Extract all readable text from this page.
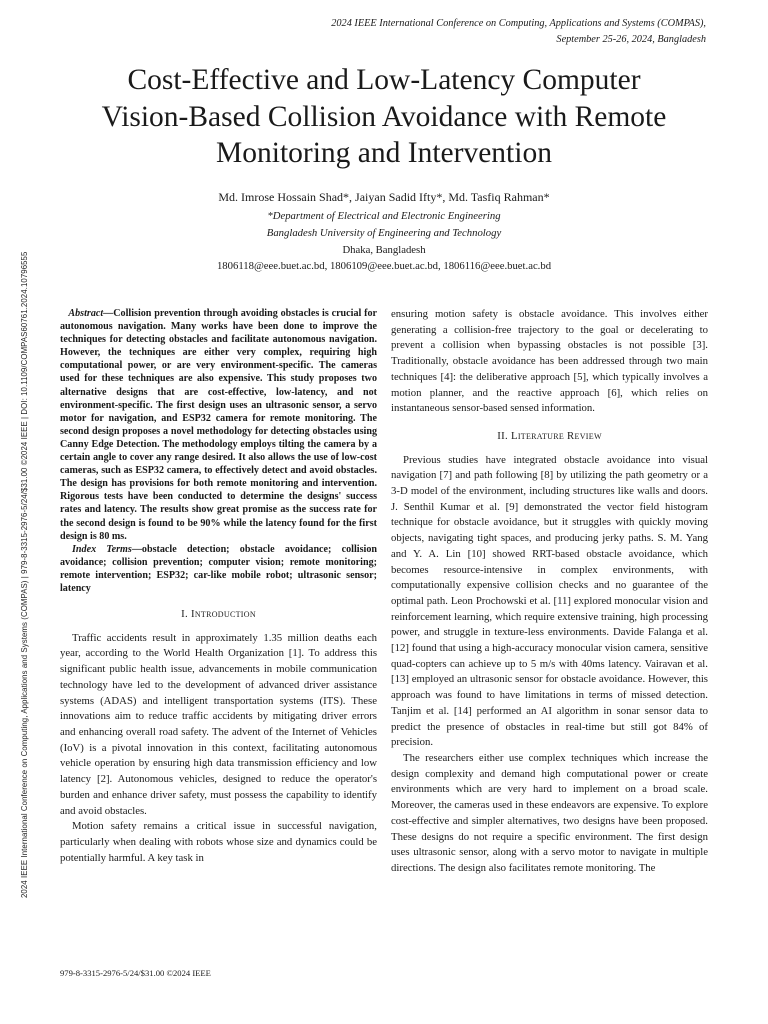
2024 IEEE International Conference on Computing, Applications and Systems (COMPAS),
September 25-26, 2024, Bangladesh
2024 IEEE International Conference on Computing, Applications and Systems (COMPAS) | 979-8-3315-2976-5/24/$31.00 ©2024 IEEE | DOI: 10.1109/COMPAS60761.2024.10796555
Cost-Effective and Low-Latency Computer
Vision-Based Collision Avoidance with Remote
Monitoring and Intervention
Md. Imrose Hossain Shad*, Jaiyan Sadid Ifty*, Md. Tasfiq Rahman*
*Department of Electrical and Electronic Engineering
Bangladesh University of Engineering and Technology
Dhaka, Bangladesh
1806118@eee.buet.ac.bd, 1806109@eee.buet.ac.bd, 1806116@eee.buet.ac.bd

Abstract—Collision prevention through avoiding obstacles is crucial for autonomous navigation. Many works have been done to improve the techniques for detecting obstacles and facilitate autonomous navigation. However, the techniques are either very complex, requiring high computational power, or are very environment-specific. The cameras used for these techniques are also expensive. This study proposes two alternative designs that are cost-effective, low-latency, and not environment-specific. The first design uses an ultrasonic sensor, a servo motor for navigation, and ESP32 camera for remote monitoring. The second design proposes a novel methodology for detecting obstacles using Canny Edge Detection. The methodology employs tilting the camera by a certain angle to cover any range desired. It also allows the use of low-cost cameras, such as ESP32 camera, to effectively detect and avoid obstacles. The design has provisions for both remote monitoring and intervention. Rigorous tests have been conducted to determine the designs' success rates and latency. The results show great promise as the success rate for the second design is found to be 90% while the latency found for the first design is 80 ms.

Index Terms—obstacle detection; obstacle avoidance; collision avoidance; collision prevention; computer vision; remote monitoring; remote intervention; ESP32; car-like mobile robot; ultrasonic sensor; latency

I. Introduction

Traffic accidents result in approximately 1.35 million deaths each year, according to the World Health Organization [1]. To address this significant public health issue, advancements in mobile communication technology have led to the development of advanced driver assistance systems (ADAS) and intelligent transportation systems (ITS). These innovations aim to reduce traffic accidents by mitigating driver errors and enhancing overall road safety. The advent of the Internet of Vehicles (IoV) is a pivotal innovation in this context, facilitating autonomous vehicle operation by ensuring high data transmission efficiency and low latency [2]. Autonomous vehicles, designed to reduce the operator's burden and enhance driver safety, must possess the capability to identify and avoid obstacles.

Motion safety remains a critical issue in successful navigation, particularly when dealing with robots whose size and dynamics could be potentially harmful. A key task in

ensuring motion safety is obstacle avoidance. This involves either generating a collision-free trajectory to the goal or decelerating to prevent a collision when bypassing obstacles is not possible [3]. Traditionally, obstacle avoidance has been addressed through two main techniques [4]: the deliberative approach [5], which typically involves a motion planner, and the reactive approach [6], which relies on instantaneous sensor-based sensed information.

II. Literature Review

Previous studies have integrated obstacle avoidance into visual navigation [7] and path following [8] by utilizing the path geometry or a 3-D model of the environment, including structures like walls and doors. J. Senthil Kumar et al. [9] demonstrated the vector field histogram technique for obstacle avoidance, but it struggles with quickly moving objects, navigating tight spaces, and producing jerky paths. S. M. Yang and Y. A. Lin [10] showed RRT-based obstacle avoidance, which becomes resource-intensive in complex environments, with computationally expensive collision checks and no guarantee of the optimal path. Leon Prochowski et al. [11] explored monocular vision and reinforcement learning, which require extensive training, high processing power, and struggle in texture-less environments. Davide Falanga et al. [12] found that using a high-accuracy monocular vision camera, sensitive quad-copters can achieve up to 5 m/s with 40ms latency. Vairavan et al. [13] employed an ultrasonic sensor for obstacle avoidance. However, this approach was found to have limitations in terms of missed detection. Tanjim et al. [14] performed an AI algorithm in sonar sensor data to predict the presence of obstacles in real-time but still got 84% of precision.

The researchers either use complex techniques which increase the design complexity and demand high computational power or create environments which are very hard to implement on a broad scale. Moreover, the cameras used in these endeavors are expensive. To explore cost-effective and simpler alternatives, two designs have been proposed. These designs do not require a specific environment. The first design uses ultrasonic sensor, along with a servo motor to navigate in multiple directions. The design also facilitates remote monitoring. The

979-8-3315-2976-5/24/$31.00 ©2024 IEEE
